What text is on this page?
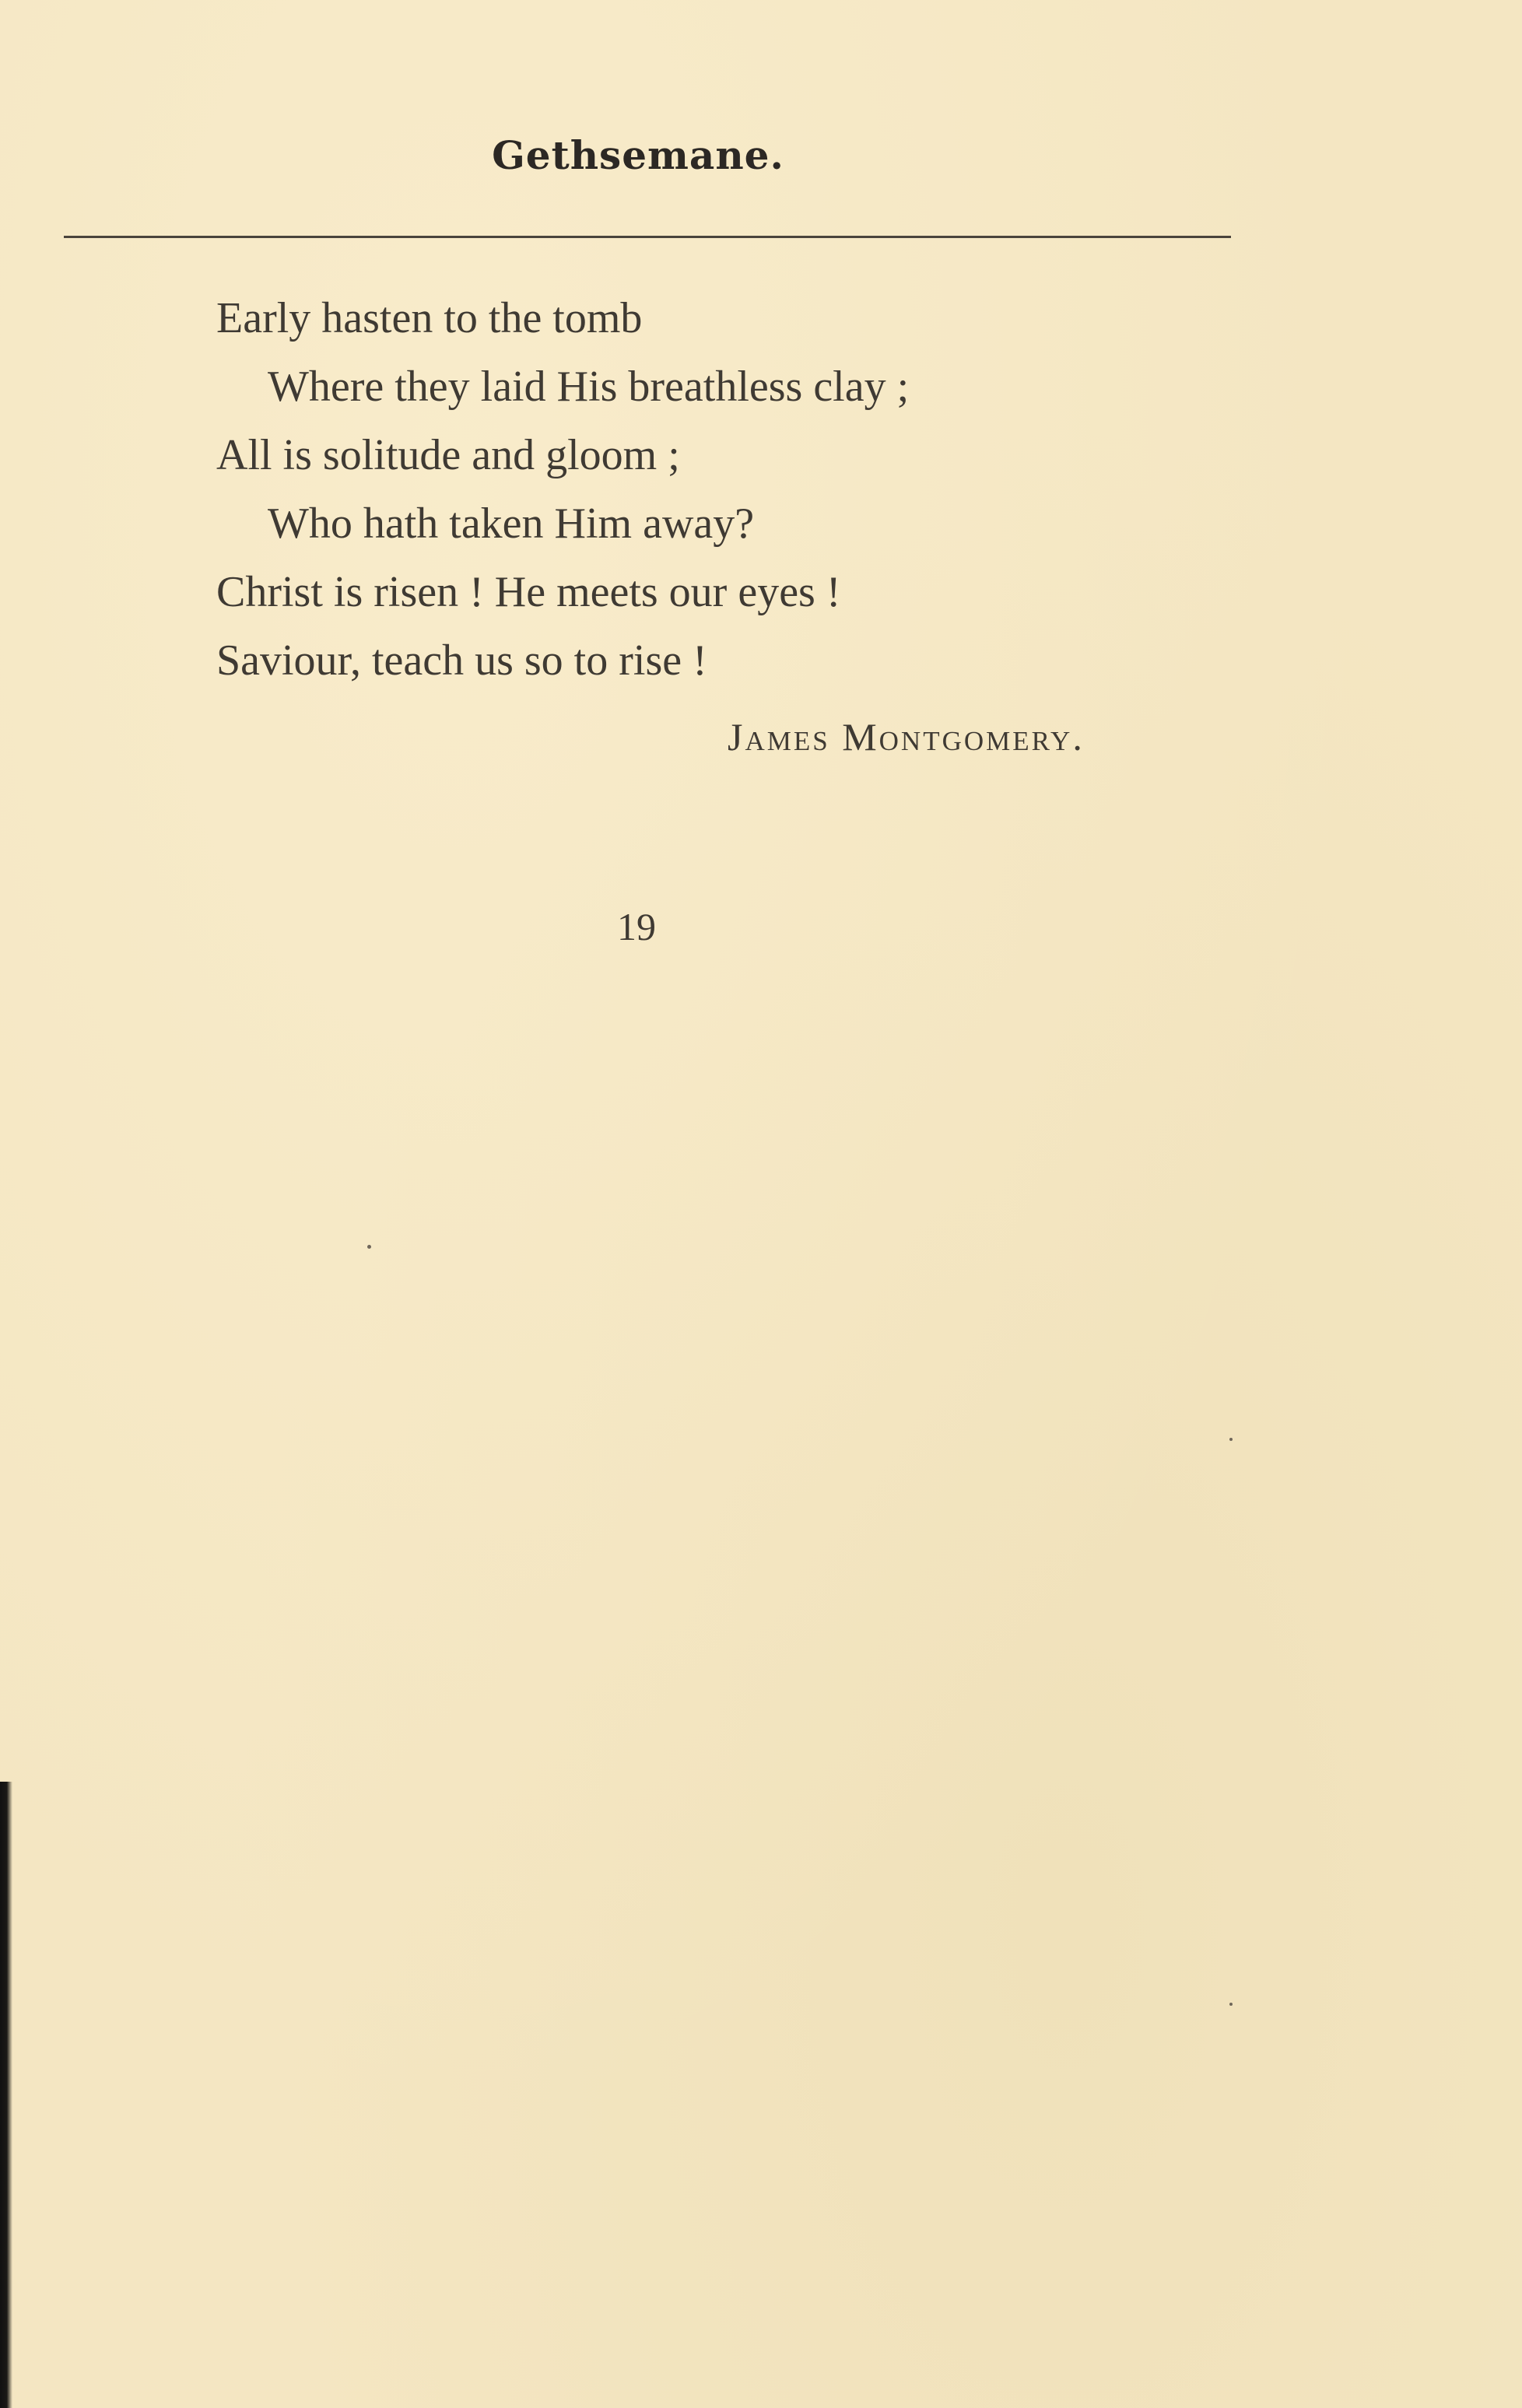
Gethsemane.
Early hasten to the tomb
Where they laid His breathless clay ;
All is solitude and gloom ;
Who hath taken Him away?
Christ is risen ! He meets our eyes !
Saviour, teach us so to rise !
James Montgomery.
19
